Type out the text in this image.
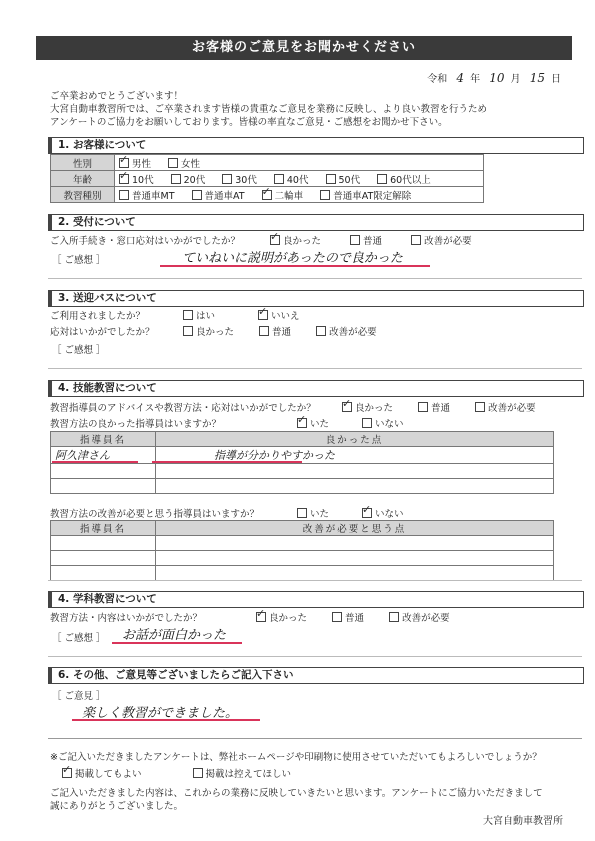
お客様のご意見をお聞かせください
令和 4 年 10 月 15 日
ご卒業おめでとうございます！
大宮自動車教習所では、ご卒業されます皆様の貴重なご意見を業務に反映し、より良い教習を行うため
アンケートのご協力をお願いしております。皆様の率直なご意見・ご感想をお聞かせ下さい。
1. お客様について
性別	✓男性 女性
年齢	✓10代 20代 30代 40代 50代 60代以上
教習種別	普通車MT 普通車AT ✓ 二輪車 普通車AT限定解除
2. 受付について
ご入所手続き・窓口応対はいかがでしたか？ ✓	良かった	普通	改善が必要
［ ご感想 ］	ていねいに説明があったので良かった
3. 送迎バスについて
ご利用されましたか？	はい ✓	いいえ
応対はいかがでしたか？	良かった	普通	改善が必要
［ ご感想 ］
4. 技能教習について
教習指導員のアドバイスや教習方法・応対はいかがでしたか？ ✓	良かった	普通	改善が必要
教習方法の良かった指導員はいますか？ ✓	いた	いない
指導員名	良かった点
阿久津さん	指導が分かりやすかった

教習方法の改善が必要と思う指導員はいますか？	いた ✓	いない
指導員名	改善が必要と思う点

4. 学科教習について
教習方法・内容はいかがでしたか？ ✓	良かった	普通	改善が必要
［ ご感想 ］ お話が面白かった
6. その他、ご意見等ございましたらご記入下さい
［ ご意見 ］
楽しく教習ができました。
※ご記入いただきましたアンケートは、弊社ホームページや印刷物に使用させていただいてもよろしいでしょうか？
✓掲載してもよい	掲載は控えてほしい
ご記入いただきました内容は、これからの業務に反映していきたいと思います。アンケートにご協力いただきまして
誠にありがとうございました。
大宮自動車教習所
